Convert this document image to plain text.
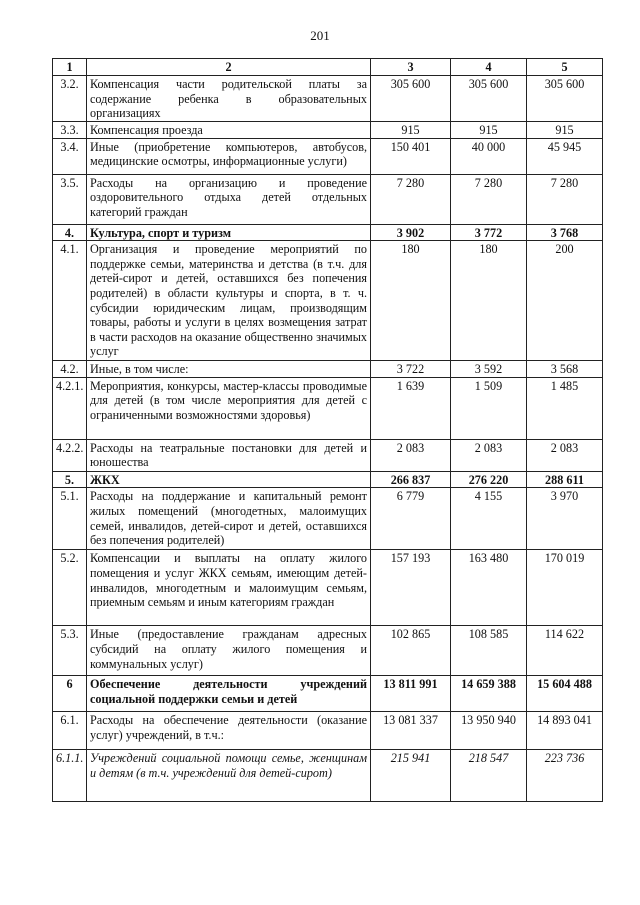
201
1	2	3	4	5
3.2.	Компенсация части родительской платы за содержание ребенка в образовательных организациях	305 600	305 600	305 600
3.3.	Компенсация проезда	915	915	915
3.4.	Иные (приобретение компьютеров, автобусов, медицинские осмотры, информационные услуги)	150 401	40 000	45 945
3.5.	Расходы на организацию и проведение оздоровительного отдыха детей отдельных категорий граждан	7 280	7 280	7 280
4.	Культура, спорт и туризм	3 902	3 772	3 768
4.1.	Организация и проведение мероприятий по поддержке семьи, материнства и детства (в т.ч. для детей-сирот и детей, оставшихся без попечения родителей) в области культуры и спорта, в т. ч. субсидии юридическим лицам, производящим товары, работы и услуги в целях возмещения затрат в части расходов на оказание общественно значимых услуг	180	180	200
4.2.	Иные, в том числе:	3 722	3 592	3 568
4.2.1.	Мероприятия, конкурсы, мастер-классы проводимые для детей (в том числе мероприятия для детей с ограниченными возможностями здоровья)	1 639	1 509	1 485
4.2.2.	Расходы на театральные постановки для детей и юношества	2 083	2 083	2 083
5.	ЖКХ	266 837	276 220	288 611
5.1.	Расходы на поддержание и капитальный ремонт жилых помещений (многодетных, малоимущих семей, инвалидов, детей-сирот и детей, оставшихся без попечения родителей)	6 779	4 155	3 970
5.2.	Компенсации и выплаты на оплату жилого помещения и услуг ЖКХ семьям, имеющим детей-инвалидов, многодетным и малоимущим семьям, приемным семьям и иным категориям граждан	157 193	163 480	170 019
5.3.	Иные (предоставление гражданам адресных субсидий на оплату жилого помещения и коммунальных услуг)	102 865	108 585	114 622
6	Обеспечение деятельности учреждений социальной поддержки семьи и детей	13 811 991	14 659 388	15 604 488
6.1.	Расходы на обеспечение деятельности (оказание услуг) учреждений, в т.ч.:	13 081 337	13 950 940	14 893 041
6.1.1.	Учреждений социальной помощи семье, женщинам и детям (в т.ч. учреждений для детей-сирот)	215 941	218 547	223 736
